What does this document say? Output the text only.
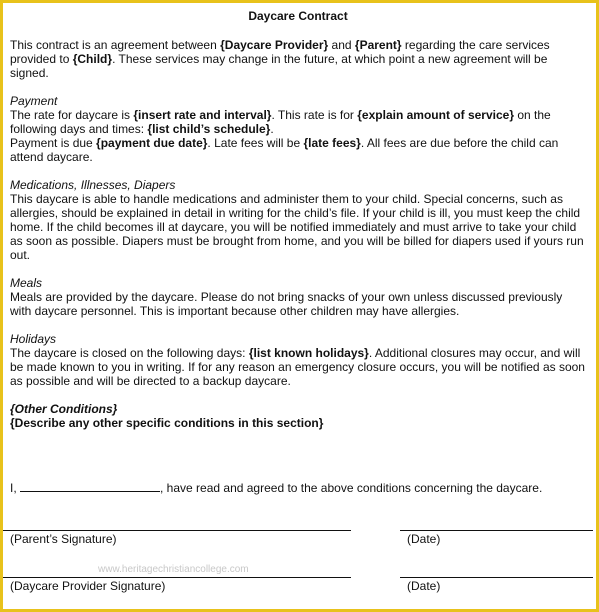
Daycare Contract

This contract is an agreement between {Daycare Provider} and {Parent} regarding the care services provided to {Child}. These services may change in the future, at which point a new agreement will be signed.

Payment

The rate for daycare is {insert rate and interval}. This rate is for {explain amount of service} on the following days and times: {list child’s schedule}.

Payment is due {payment due date}. Late fees will be {late fees}. All fees are due before the child can attend daycare.

Medications, Illnesses, Diapers

This daycare is able to handle medications and administer them to your child. Special concerns, such as allergies, should be explained in detail in writing for the child’s file. If your child is ill, you must keep the child home. If the child becomes ill at daycare, you will be notified immediately and must arrive to take your child as soon as possible. Diapers must be brought from home, and you will be billed for diapers used if yours run out.

Meals

Meals are provided by the daycare. Please do not bring snacks of your own unless discussed previously with daycare personnel. This is important because other children may have allergies.

Holidays

The daycare is closed on the following days: {list known holidays}. Additional closures may occur, and will be made known to you in writing. If for any reason an emergency closure occurs, you will be notified as soon as possible and will be directed to a backup daycare.

{Other Conditions}

{Describe any other specific conditions in this section}

I,	, have read and agreed to the above conditions concerning the daycare.
(Parent’s Signature)	(Date)
www.heritagechristiancollege.com
(Daycare Provider Signature)	(Date)
